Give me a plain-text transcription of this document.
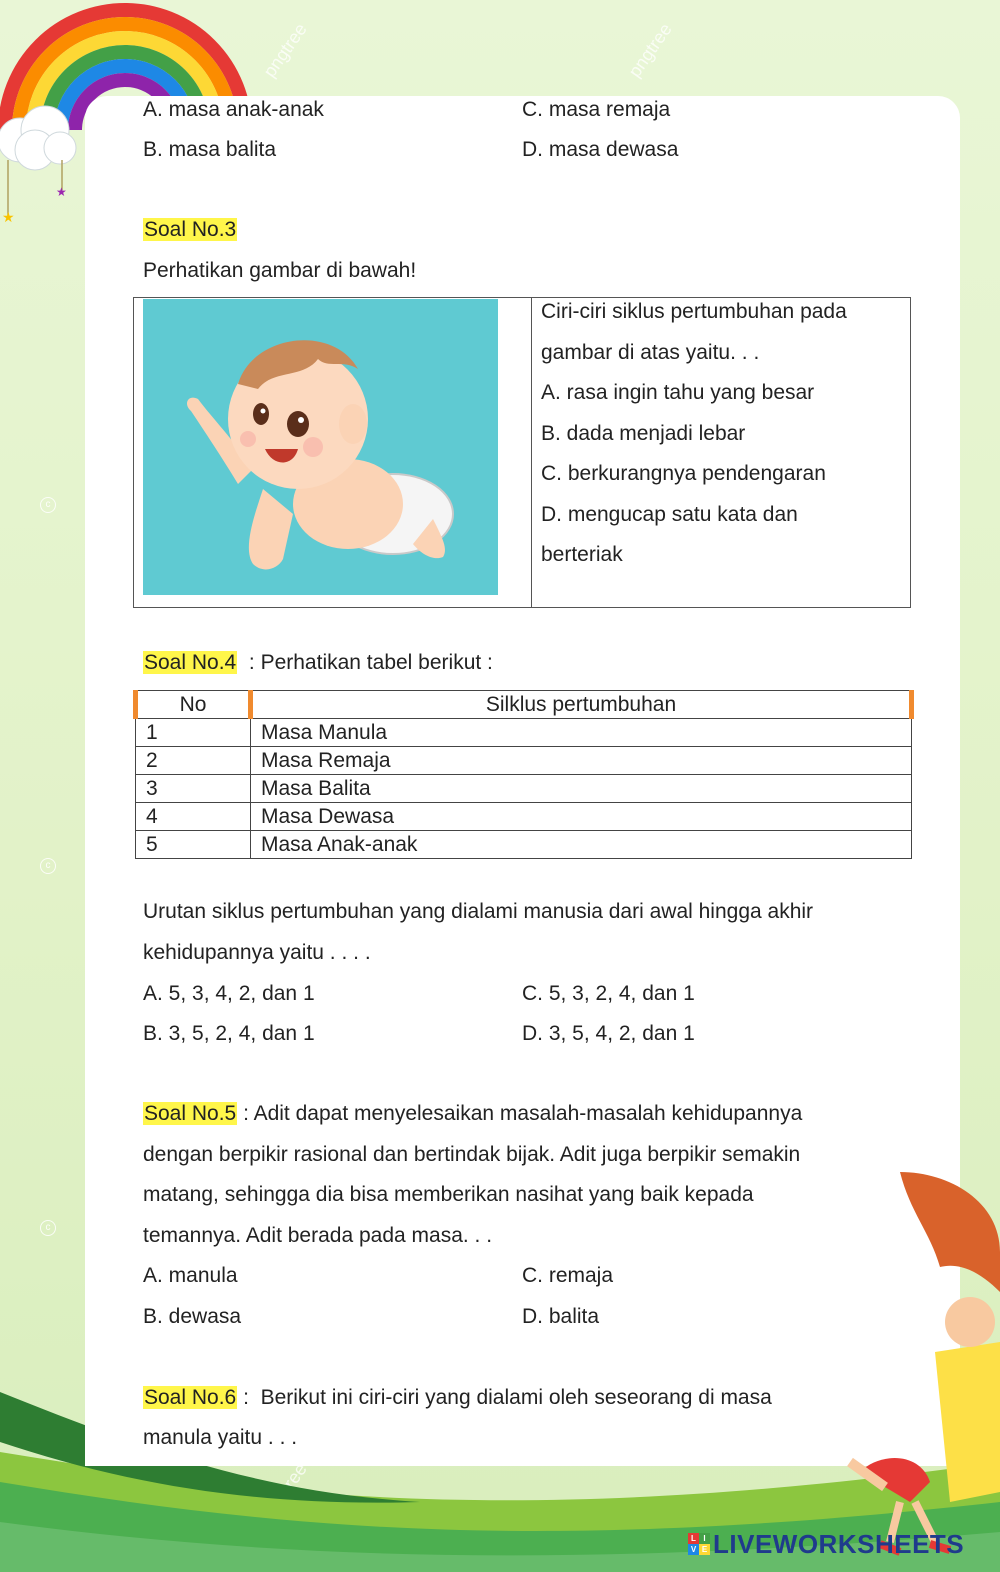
pngtree	pngtree
c
c
c
★
★
A. masa anak-anak	C. masa remaja
B. masa balita	D. masa dewasa
Soal No.3
Perhatikan gambar di bawah!
Ciri-ciri siklus pertumbuhan pada
gambar di atas yaitu. . .
A. rasa ingin tahu yang besar
B. dada menjadi lebar
C. berkurangnya pendengaran
D. mengucap satu kata dan
berteriak
Soal No.4  : Perhatikan tabel berikut :
No	Silklus pertumbuhan
1	Masa Manula
2	Masa Remaja
3	Masa Balita
4	Masa Dewasa
5	Masa Anak-anak
Urutan siklus pertumbuhan yang dialami manusia dari awal hingga akhir
kehidupannya yaitu . . . .
A. 5, 3, 4, 2, dan 1	C. 5, 3, 2, 4, dan 1
B. 3, 5, 2, 4, dan 1	D. 3, 5, 4, 2, dan 1
Soal No.5 : Adit dapat menyelesaikan masalah-masalah kehidupannya
dengan berpikir rasional dan bertindak bijak. Adit juga berpikir semakin
matang, sehingga dia bisa memberikan nasihat yang baik kepada
temannya. Adit berada pada masa. . .
A. manula	C. remaja
B. dewasa	D. balita
Soal No.6 :  Berikut ini ciri-ciri yang dialami oleh seseorang di masa
manula yaitu . . .
L I
V E LIVEWORKSHEETS
